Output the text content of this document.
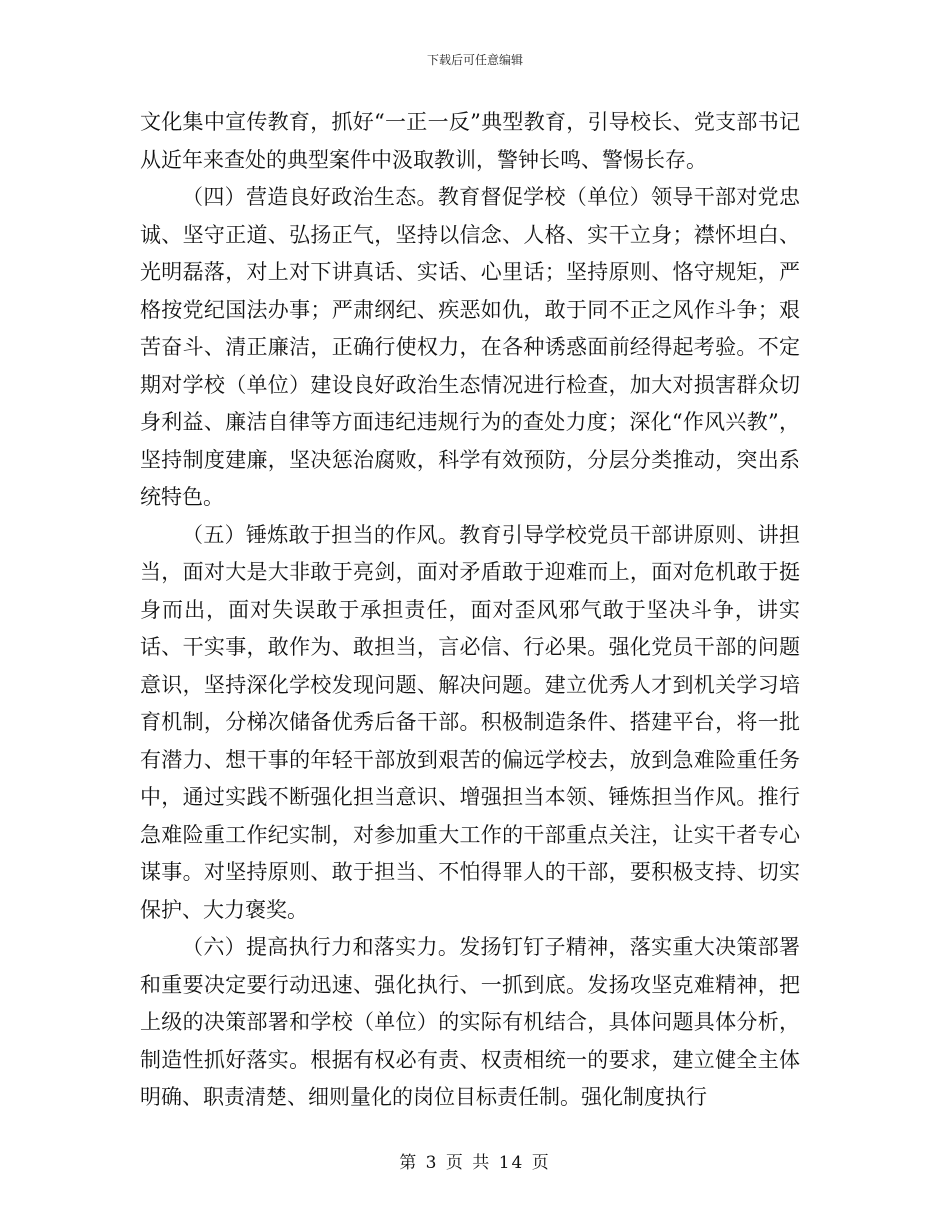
下载后可任意编辑

文化集中宣传教育，抓好“一正一反”典型教育，引导校长、党支部书记从近年来查处的典型案件中汲取教训，警钟长鸣、警惕长存。

（四）营造良好政治生态。教育督促学校（单位）领导干部对党忠诚、坚守正道、弘扬正气，坚持以信念、人格、实干立身；襟怀坦白、光明磊落，对上对下讲真话、实话、心里话；坚持原则、恪守规矩，严格按党纪国法办事；严肃纲纪、疾恶如仇，敢于同不正之风作斗争；艰苦奋斗、清正廉洁，正确行使权力，在各种诱惑面前经得起考验。不定期对学校（单位）建设良好政治生态情况进行检查，加大对损害群众切身利益、廉洁自律等方面违纪违规行为的查处力度；深化“作风兴教”，坚持制度建廉，坚决惩治腐败，科学有效预防，分层分类推动，突出系统特色。

（五）锤炼敢于担当的作风。教育引导学校党员干部讲原则、讲担当，面对大是大非敢于亮剑，面对矛盾敢于迎难而上，面对危机敢于挺身而出，面对失误敢于承担责任，面对歪风邪气敢于坚决斗争，讲实话、干实事，敢作为、敢担当，言必信、行必果。强化党员干部的问题意识，坚持深化学校发现问题、解决问题。建立优秀人才到机关学习培育机制，分梯次储备优秀后备干部。积极制造条件、搭建平台，将一批有潜力、想干事的年轻干部放到艰苦的偏远学校去，放到急难险重任务中，通过实践不断强化担当意识、增强担当本领、锤炼担当作风。推行急难险重工作纪实制，对参加重大工作的干部重点关注，让实干者专心谋事。对坚持原则、敢于担当、不怕得罪人的干部，要积极支持、切实保护、大力褒奖。

（六）提高执行力和落实力。发扬钉钉子精神，落实重大决策部署和重要决定要行动迅速、强化执行、一抓到底。发扬攻坚克难精神，把上级的决策部署和学校（单位）的实际有机结合，具体问题具体分析，制造性抓好落实。根据有权必有责、权责相统一的要求，建立健全主体明确、职责清楚、细则量化的岗位目标责任制。强化制度执行

第 3 页 共 14 页
